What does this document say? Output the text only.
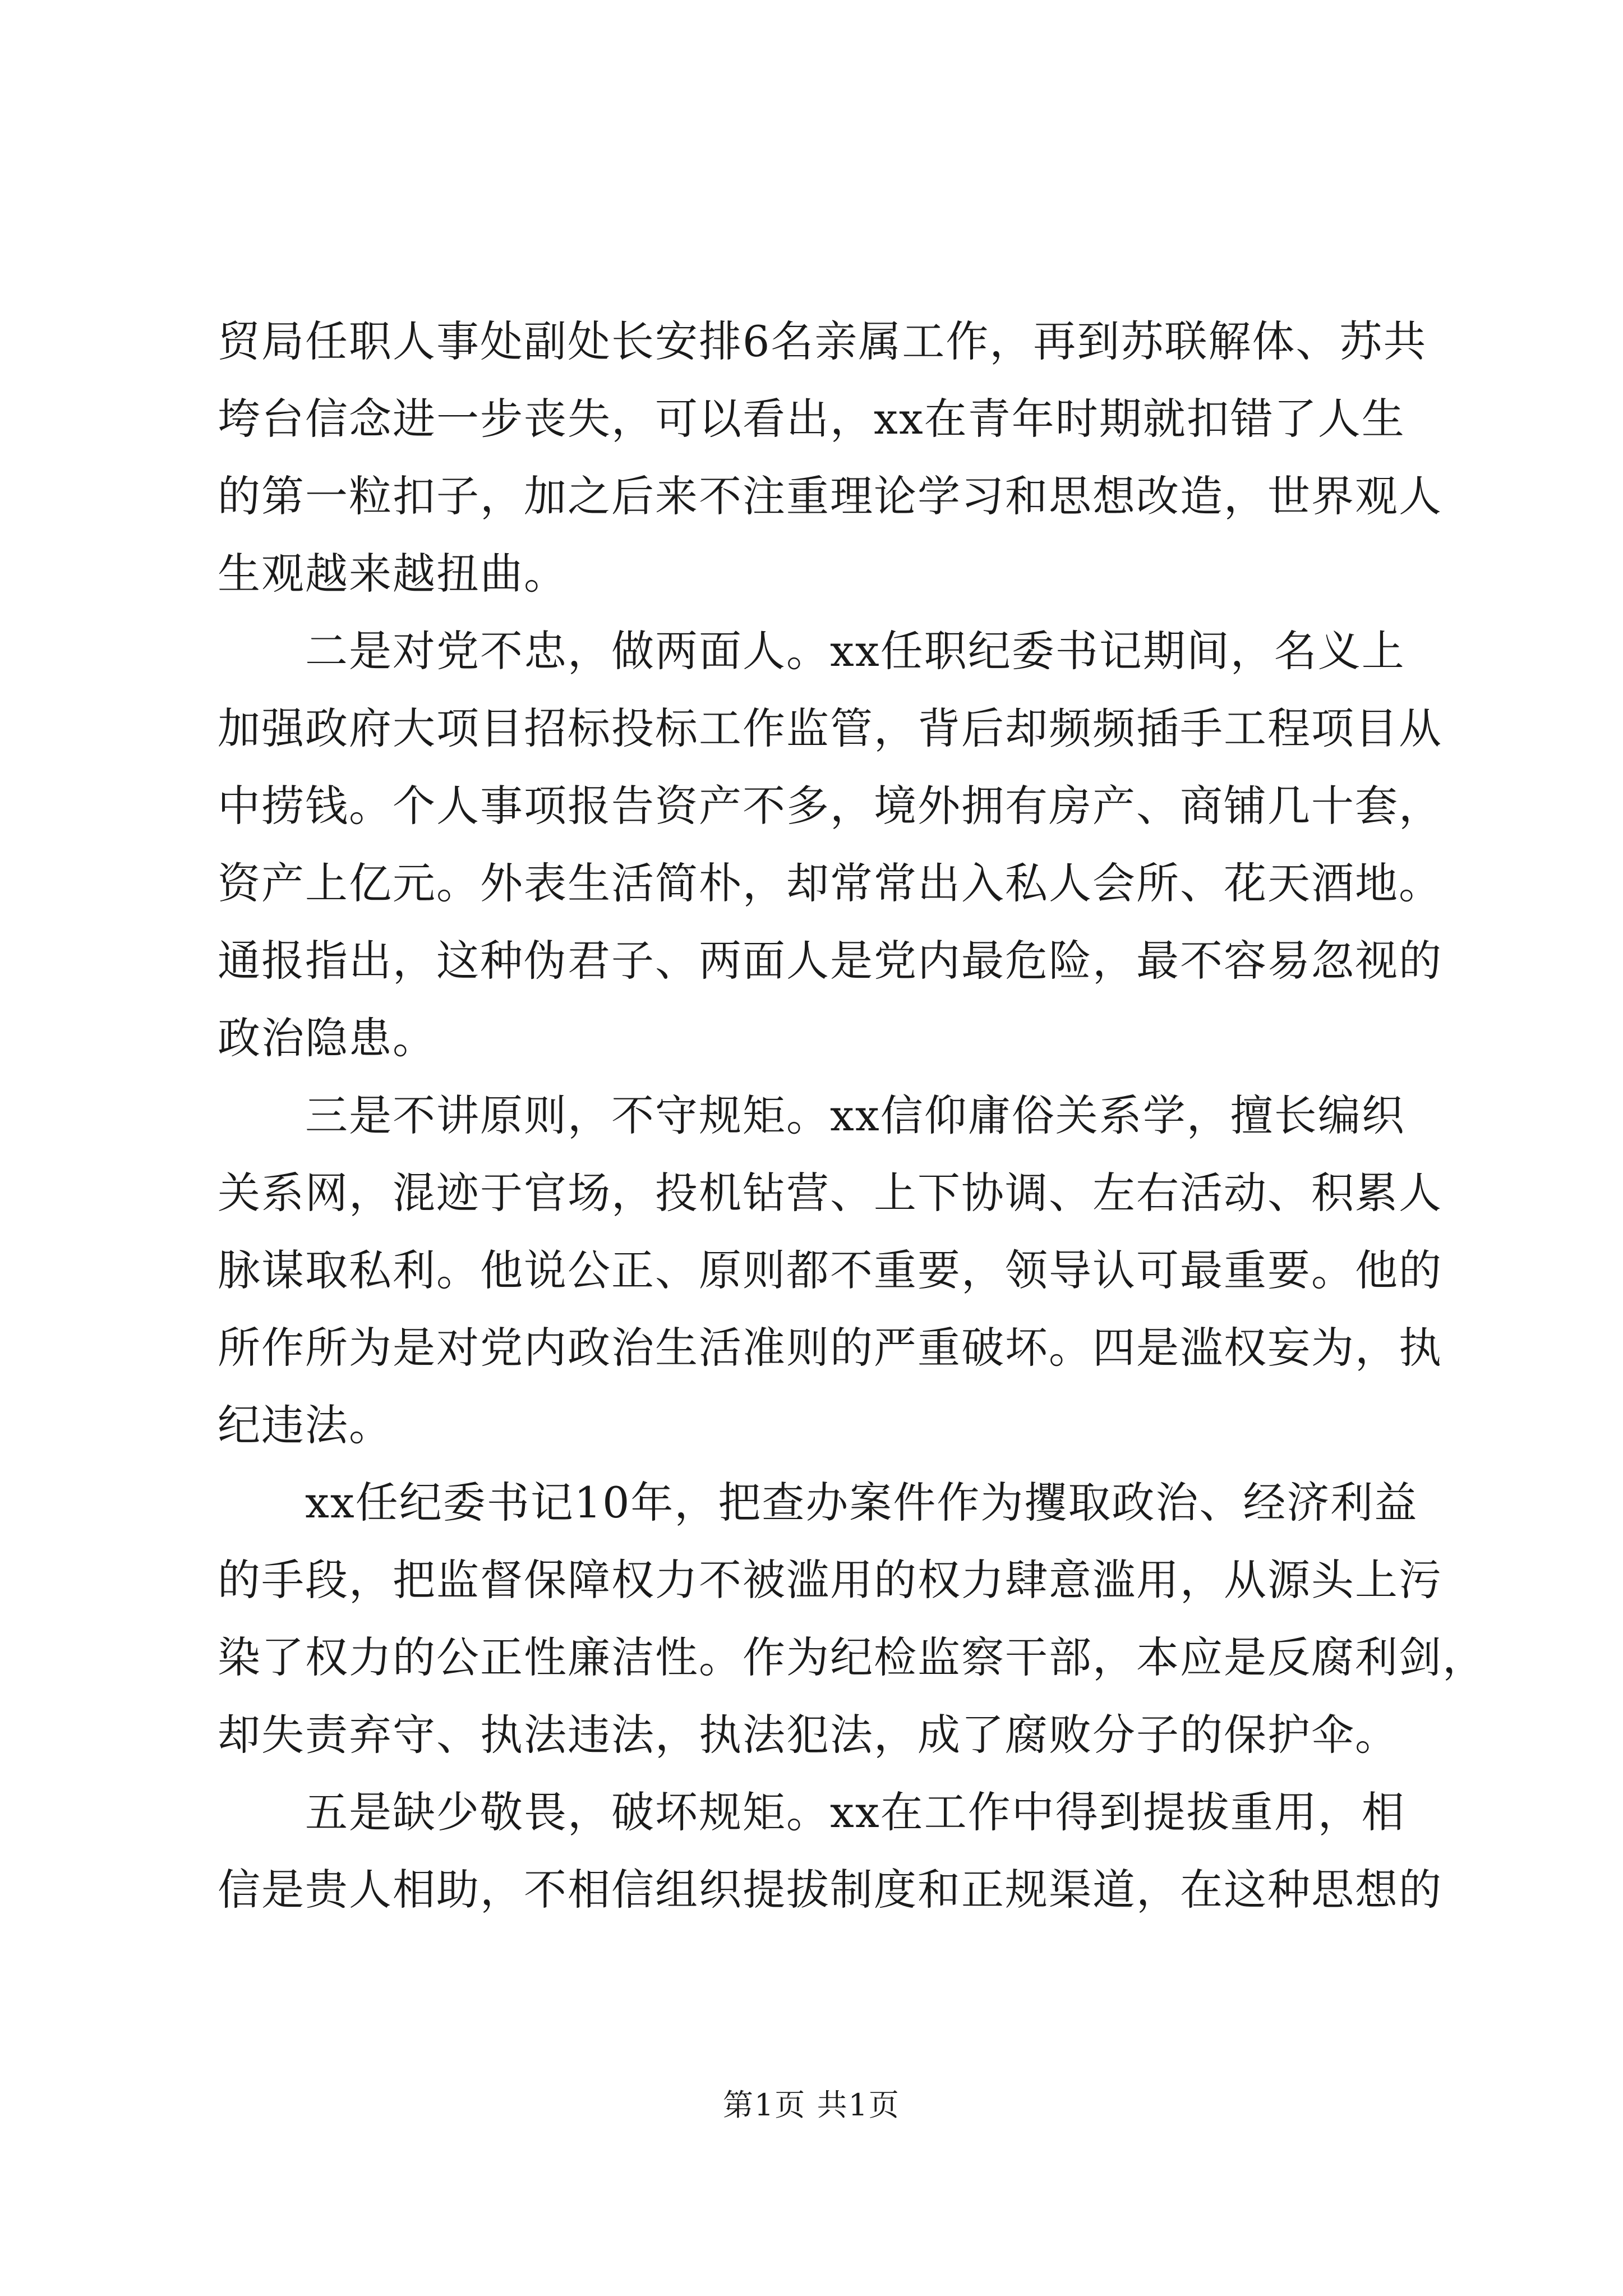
贸局任职人事处副处长安排6名亲属工作，再到苏联解体、苏共
垮台信念进一步丧失，可以看出，xx在青年时期就扣错了人生
的第一粒扣子，加之后来不注重理论学习和思想改造，世界观人
生观越来越扭曲。
　　二是对党不忠，做两面人。xx任职纪委书记期间，名义上
加强政府大项目招标投标工作监管，背后却频频插手工程项目从
中捞钱。个人事项报告资产不多，境外拥有房产、商铺几十套，
资产上亿元。外表生活简朴，却常常出入私人会所、花天酒地。
通报指出，这种伪君子、两面人是党内最危险，最不容易忽视的
政治隐患。
　　三是不讲原则，不守规矩。xx信仰庸俗关系学，擅长编织
关系网，混迹于官场，投机钻营、上下协调、左右活动、积累人
脉谋取私利。他说公正、原则都不重要，领导认可最重要。他的
所作所为是对党内政治生活准则的严重破坏。四是滥权妄为，执
纪违法。
　　xx任纪委书记10年，把查办案件作为攫取政治、经济利益
的手段，把监督保障权力不被滥用的权力肆意滥用，从源头上污
染了权力的公正性廉洁性。作为纪检监察干部，本应是反腐利剑，
却失责弃守、执法违法，执法犯法，成了腐败分子的保护伞。
　　五是缺少敬畏，破坏规矩。xx在工作中得到提拔重用，相
信是贵人相助，不相信组织提拔制度和正规渠道，在这种思想的
第1页 共1页
